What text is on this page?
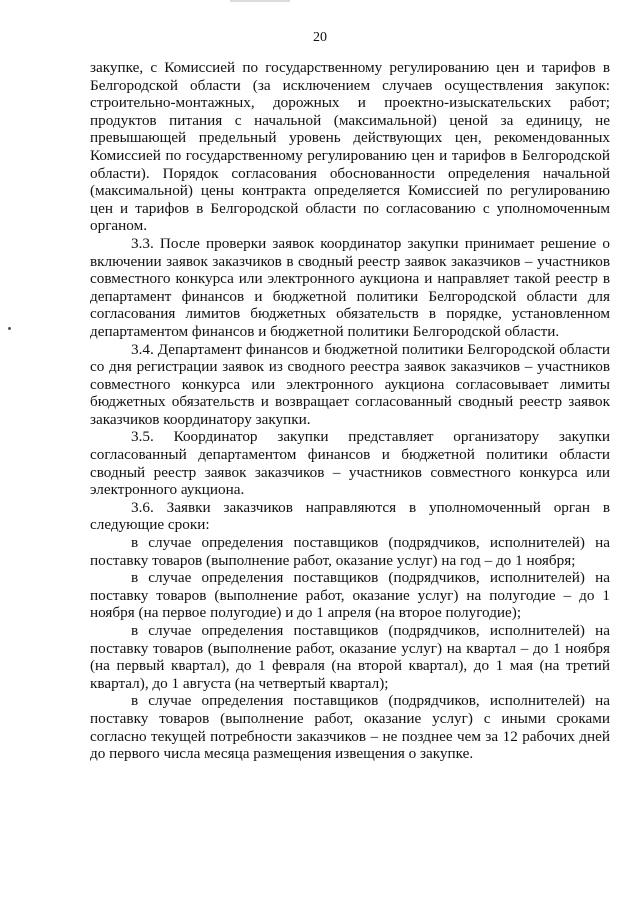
20

закупке, с Комиссией по государственному регулированию цен и тарифов в Белгородской области (за исключением случаев осуществления закупок: строительно-монтажных, дорожных и проектно-изыскательских работ; продуктов питания с начальной (максимальной) ценой за единицу, не превышающей предельный уровень действующих цен, рекомендованных Комиссией по государственному регулированию цен и тарифов в Белгородской области). Порядок согласования обоснованности определения начальной (максимальной) цены контракта определяется Комиссией по регулированию цен и тарифов в Белгородской области по согласованию с уполномоченным органом.

3.3. После проверки заявок координатор закупки принимает решение о включении заявок заказчиков в сводный реестр заявок заказчиков – участников совместного конкурса или электронного аукциона и направляет такой реестр в департамент финансов и бюджетной политики Белгородской области для согласования лимитов бюджетных обязательств в порядке, установленном департаментом финансов и бюджетной политики Белгородской области.

3.4. Департамент финансов и бюджетной политики Белгородской области со дня регистрации заявок из сводного реестра заявок заказчиков – участников совместного конкурса или электронного аукциона согласовывает лимиты бюджетных обязательств и возвращает согласованный сводный реестр заявок заказчиков координатору закупки.

3.5. Координатор закупки представляет организатору закупки согласованный департаментом финансов и бюджетной политики области сводный реестр заявок заказчиков – участников совместного конкурса или электронного аукциона.

3.6. Заявки заказчиков направляются в уполномоченный орган в следующие сроки:

в случае определения поставщиков (подрядчиков, исполнителей) на поставку товаров (выполнение работ, оказание услуг) на год – до 1 ноября;

в случае определения поставщиков (подрядчиков, исполнителей) на поставку товаров (выполнение работ, оказание услуг) на полугодие – до 1 ноября (на первое полугодие) и до 1 апреля (на второе полугодие);

в случае определения поставщиков (подрядчиков, исполнителей) на поставку товаров (выполнение работ, оказание услуг) на квартал – до 1 ноября (на первый квартал), до 1 февраля (на второй квартал), до 1 мая (на третий квартал), до 1 августа (на четвертый квартал);

в случае определения поставщиков (подрядчиков, исполнителей) на поставку товаров (выполнение работ, оказание услуг) с иными сроками согласно текущей потребности заказчиков – не позднее чем за 12 рабочих дней до первого числа месяца размещения извещения о закупке.
